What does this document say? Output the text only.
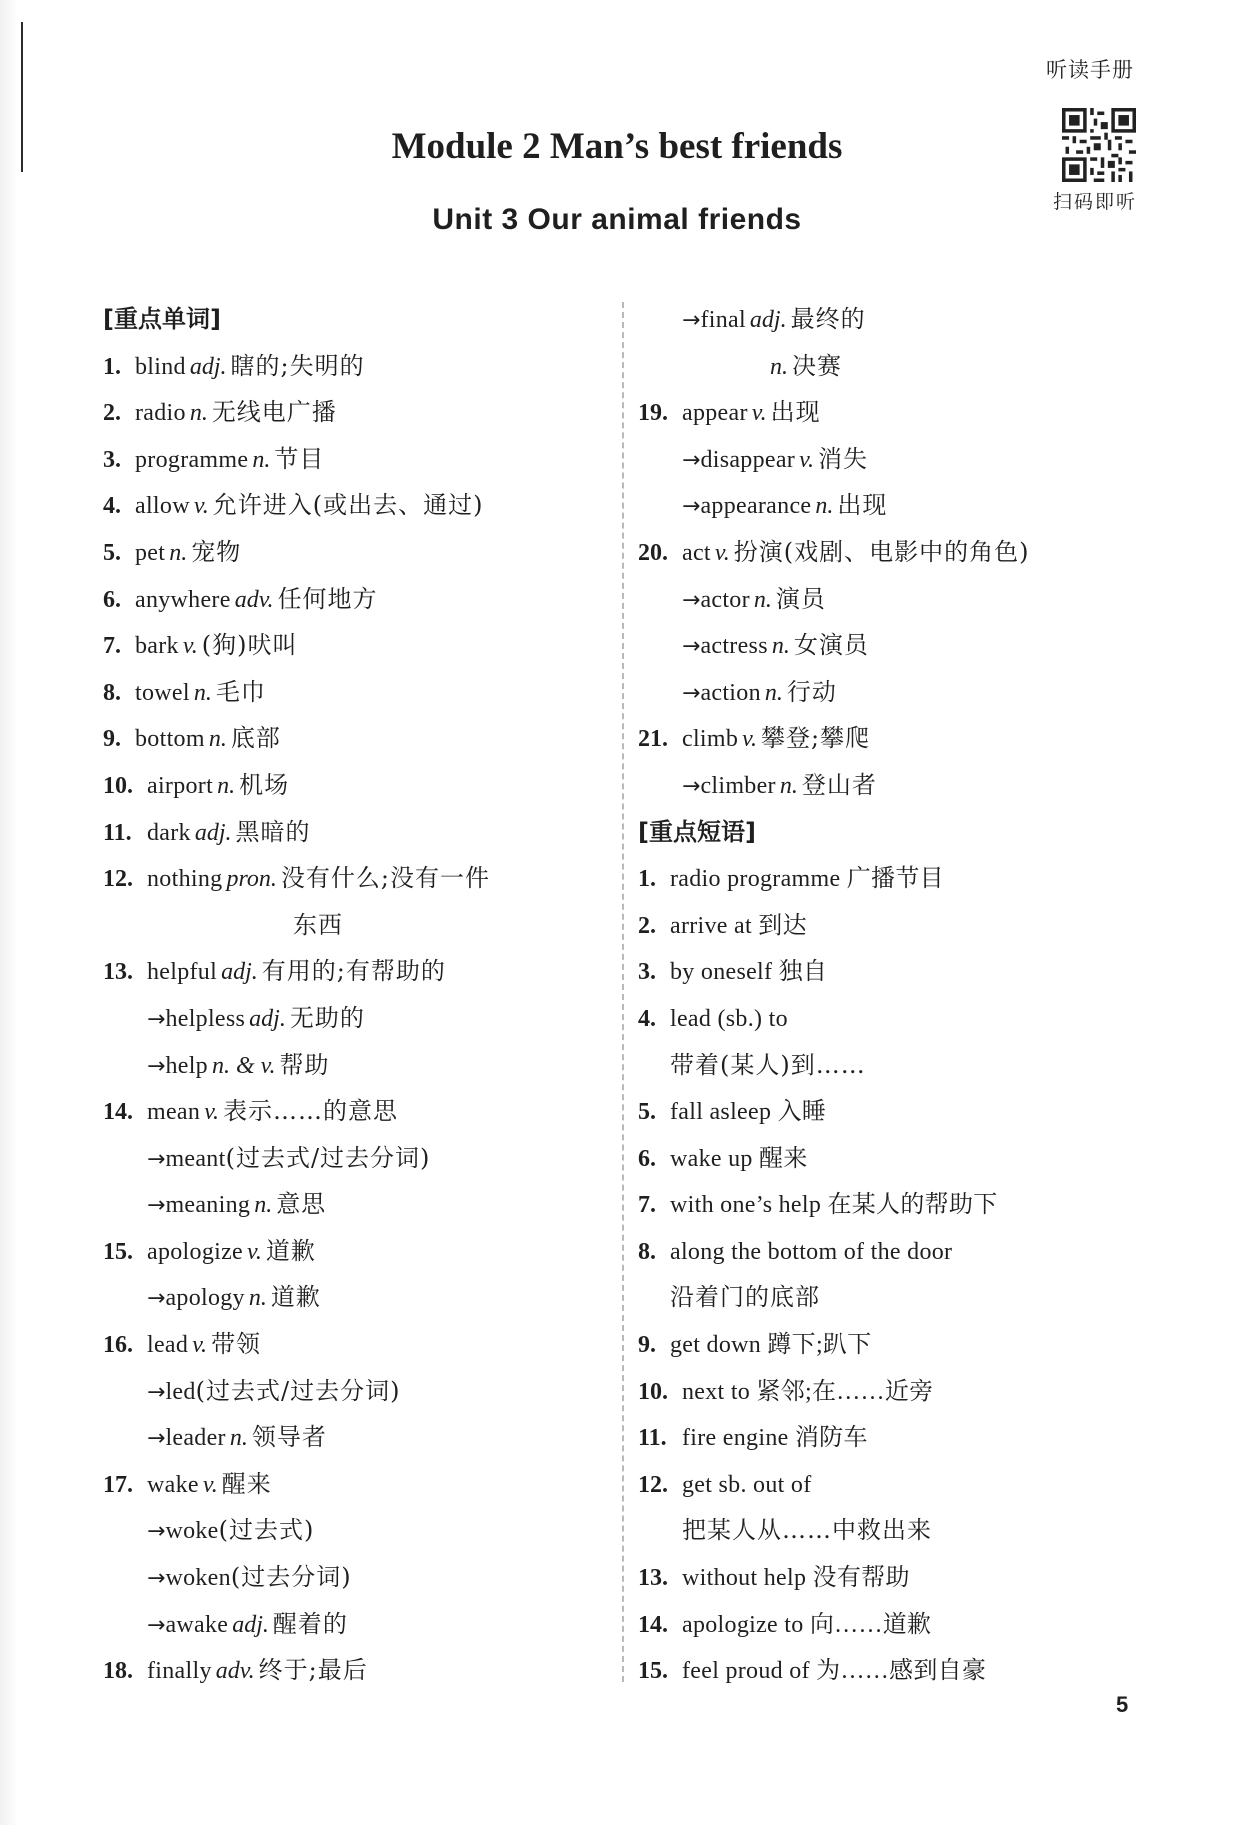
听读手册
扫码即听
Module 2 Man’s best friends
Unit 3 Our animal friends
[重点单词]
1. blind adj. 瞎的;失明的
2. radio n. 无线电广播
3. programme n. 节目
4. allow v. 允许进入(或出去、通过)
5. pet n. 宠物
6. anywhere adv. 任何地方
7. bark v. (狗)吠叫
8. towel n. 毛巾
9. bottom n. 底部
10. airport n. 机场
11. dark adj. 黑暗的
12. nothing pron. 没有什么;没有一件
东西
13. helpful adj. 有用的;有帮助的
→helpless adj. 无助的
→help n. & v. 帮助
14. mean v. 表示……的意思
→meant(过去式/过去分词)
→meaning n. 意思
15. apologize v. 道歉
→apology n. 道歉
16. lead v. 带领
→led(过去式/过去分词)
→leader n. 领导者
17. wake v. 醒来
→woke(过去式)
→woken(过去分词)
→awake adj. 醒着的
18. finally adv. 终于;最后
→final adj. 最终的
n. 决赛
19. appear v. 出现
→disappear v. 消失
→appearance n. 出现
20. act v. 扮演(戏剧、电影中的角色)
→actor n. 演员
→actress n. 女演员
→action n. 行动
21. climb v. 攀登;攀爬
→climber n. 登山者
[重点短语]
1. radio programme 广播节目
2. arrive at 到达
3. by oneself 独自
4. lead (sb.) to
带着(某人)到……
5. fall asleep 入睡
6. wake up 醒来
7. with one’s help 在某人的帮助下
8. along the bottom of the door
沿着门的底部
9. get down 蹲下;趴下
10. next to 紧邻;在……近旁
11. fire engine 消防车
12. get sb. out of
把某人从……中救出来
13. without help 没有帮助
14. apologize to 向……道歉
15. feel proud of 为……感到自豪
5
